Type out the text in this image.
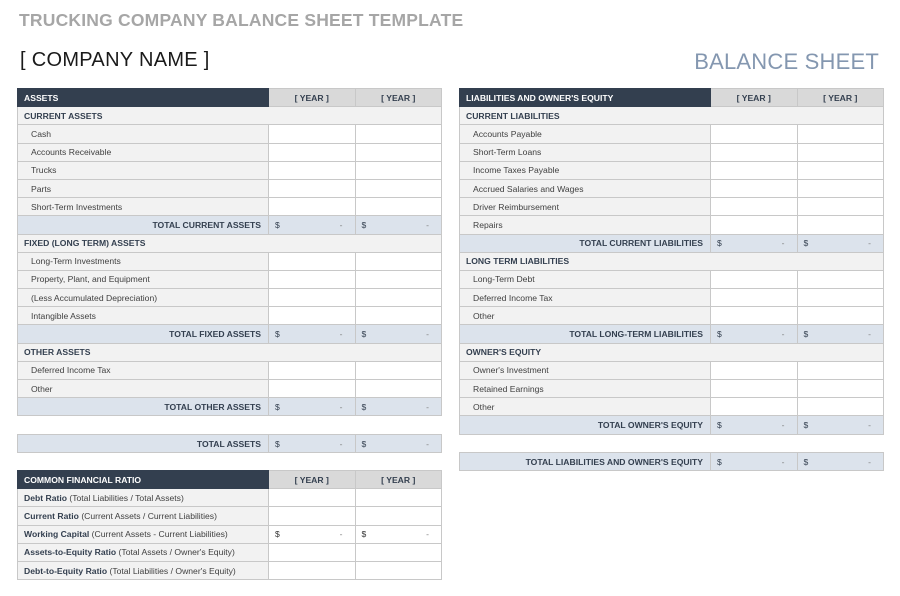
TRUCKING COMPANY BALANCE SHEET TEMPLATE
[ COMPANY NAME ]	BALANCE SHEET
ASSETS	[ YEAR ]	[ YEAR ]
CURRENT ASSETS		
Cash		
Accounts Receivable		
Trucks		
Parts		
Short-Term Investments		
TOTAL CURRENT ASSETS	$ -	$ -

FIXED (LONG TERM) ASSETS		
Long-Term Investments		
Property, Plant, and Equipment		
(Less Accumulated Depreciation)		
Intangible Assets		
TOTAL FIXED ASSETS	$ -	$ -

OTHER ASSETS		
Deferred Income Tax		
Other		
TOTAL OTHER ASSETS	$ -	$ -
TOTAL ASSETS	$	-	$	-
COMMON FINANCIAL RATIO	[ YEAR ]	[ YEAR ]
Debt Ratio (Total Liabilities / Total Assets)		
Current Ratio (Current Assets / Current Liabilities)		
Working Capital (Current Assets - Current Liabilities)	$ -	$ -

Assets-to-Equity Ratio (Total Assets / Owner's Equity)		
Debt-to-Equity Ratio (Total Liabilities / Owner's Equity)		
LIABILITIES AND OWNER'S EQUITY	[ YEAR ]	[ YEAR ]
CURRENT LIABILITIES		
Accounts Payable		
Short-Term Loans		
Income Taxes Payable		
Accrued Salaries and Wages		
Driver Reimbursement		
Repairs		
TOTAL CURRENT LIABILITIES	$ -	$ -

LONG TERM LIABILITIES		
Long-Term Debt		
Deferred Income Tax		
Other		
TOTAL LONG-TERM LIABILITIES	$ -	$ -

OWNER'S EQUITY		
Owner's Investment		
Retained Earnings		
Other		
TOTAL OWNER'S EQUITY	$ -	$ -
TOTAL LIABILITIES AND OWNER'S EQUITY	$	-	$	-
